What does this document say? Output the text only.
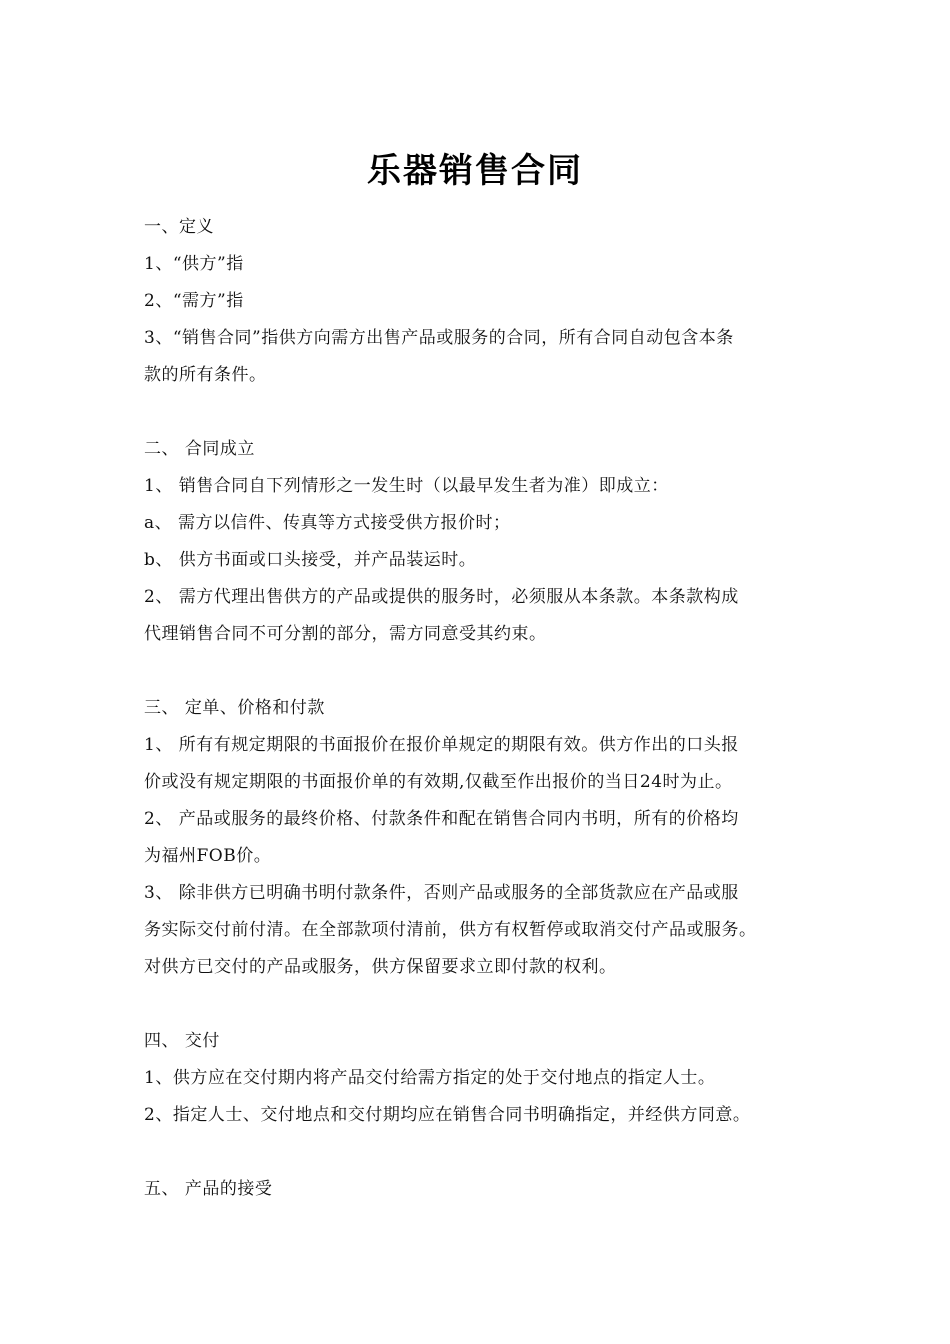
乐器销售合同
一、定义
1、“供方”指
2、“需方”指
3、“销售合同”指供方向需方出售产品或服务的合同，所有合同自动包含本条
款的所有条件。
二、 合同成立
1、 销售合同自下列情形之一发生时（以最早发生者为准）即成立：
a、 需方以信件、传真等方式接受供方报价时；
b、 供方书面或口头接受，并产品装运时。
2、 需方代理出售供方的产品或提供的服务时，必须服从本条款。本条款构成
代理销售合同不可分割的部分，需方同意受其约束。
三、 定单、价格和付款
1、 所有有规定期限的书面报价在报价单规定的期限有效。供方作出的口头报
价或没有规定期限的书面报价单的有效期,仅截至作出报价的当日24时为止。
2、 产品或服务的最终价格、付款条件和配在销售合同内书明，所有的价格均
为福州FOB价。
3、 除非供方已明确书明付款条件，否则产品或服务的全部货款应在产品或服
务实际交付前付清。在全部款项付清前，供方有权暂停或取消交付产品或服务。
对供方已交付的产品或服务，供方保留要求立即付款的权利。
四、 交付
1、供方应在交付期内将产品交付给需方指定的处于交付地点的指定人士。
2、指定人士、交付地点和交付期均应在销售合同书明确指定，并经供方同意。
五、 产品的接受
